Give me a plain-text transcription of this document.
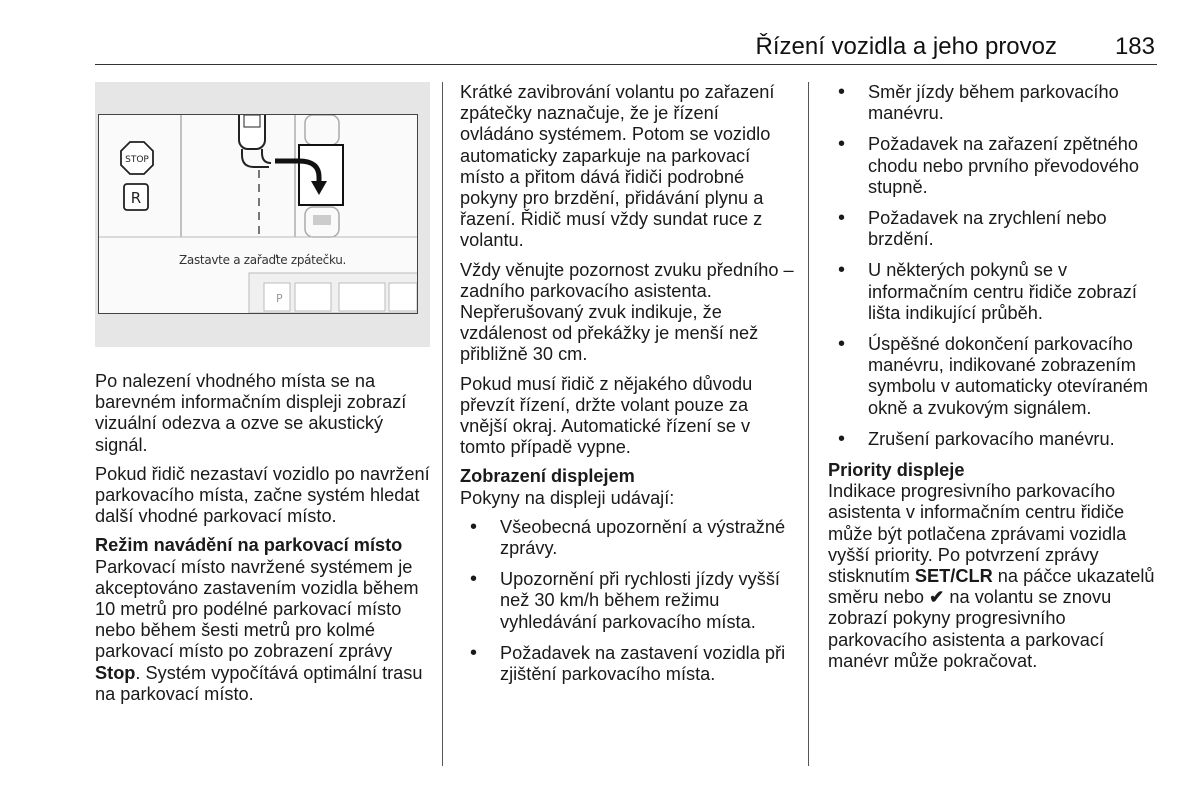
Řízení vozidla a jeho provoz 183
P
Zastavte a zařaďte zpátečku.
STOP
R

Po nalezení vhodného místa se na barevném informačním displeji zobrazí vizuální odezva a ozve se akustický signál.

Pokud řidič nezastaví vozidlo po navržení parkovacího místa, začne systém hledat další vhodné parkovací místo.

Režim navádění na parkovací místo

Parkovací místo navržené systémem je akceptováno zastavením vozidla během 10 metrů pro podélné parkovací místo nebo během šesti metrů pro kolmé parkovací místo po zobrazení zprávy Stop. Systém vypočítává optimální trasu na parkovací místo.

Krátké zavibrování volantu po zařazení zpátečky naznačuje, že je řízení ovládáno systémem. Potom se vozidlo automaticky zaparkuje na parkovací místo a přitom dává řidiči podrobné pokyny pro brzdění, přidávání plynu a řazení. Řidič musí vždy sundat ruce z volantu.

Vždy věnujte pozornost zvuku předního – zadního parkovacího asistenta. Nepřerušovaný zvuk indikuje, že vzdálenost od překážky je menší než přibližně 30 cm.

Pokud musí řidič z nějakého důvodu převzít řízení, držte volant pouze za vnější okraj. Automatické řízení se v tomto případě vypne.

Zobrazení displejem

Pokyny na displeji udávají:

• Všeobecná upozornění a výstražné zprávy.
• Upozornění při rychlosti jízdy vyšší než 30 km/h během režimu vyhledávání parkovacího místa.
• Požadavek na zastavení vozidla při zjištění parkovacího místa.
• Směr jízdy během parkovacího manévru.
• Požadavek na zařazení zpětného chodu nebo prvního převodového stupně.
• Požadavek na zrychlení nebo brzdění.
• U některých pokynů se v informačním centru řidiče zobrazí lišta indikující průběh.
• Úspěšné dokončení parkovacího manévru, indikované zobrazením symbolu v automaticky otevíraném okně a zvukovým signálem.
• Zrušení parkovacího manévru.
Priority displeje

Indikace progresivního parkovacího asistenta v informačním centru řidiče může být potlačena zprávami vozidla vyšší priority. Po potvrzení zprávy stisknutím SET/CLR na páčce ukazatelů směru nebo ✔ na volantu se znovu zobrazí pokyny progresivního parkovacího asistenta a parkovací manévr může pokračovat.
